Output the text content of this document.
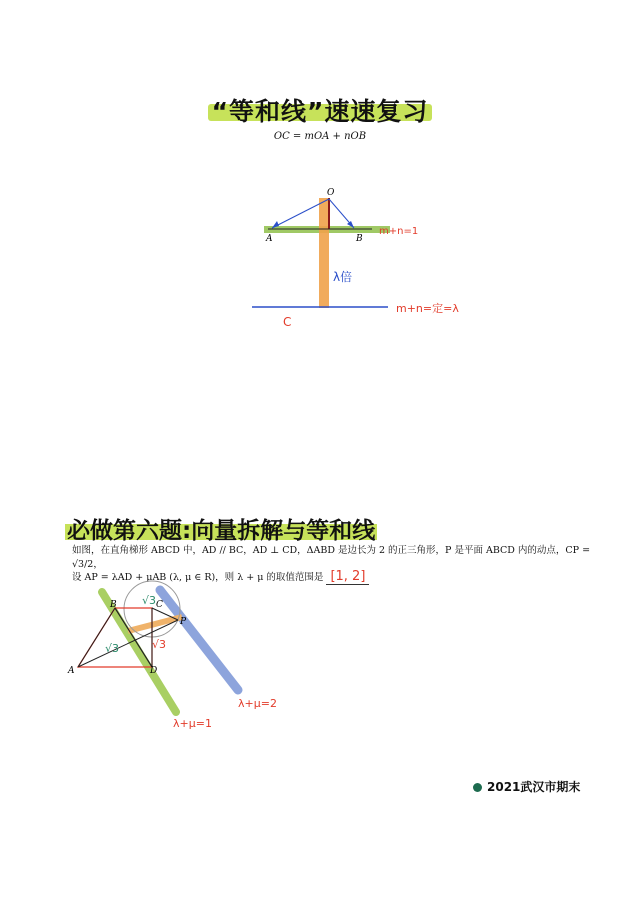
“等和线”速速复习
OC = mOA + nOB
O
A	B
C
m+n=1
λ倍
m+n=定=λ
必做第六题:向量拆解与等和线
如图，在直角梯形 ABCD 中，AD // BC，AD ⊥ CD，ΔABD 是边长为 2 的正三角形，P 是平面 ABCD 内的动点，CP = √3/2，
设 AP = λAD + μAB (λ, μ ∈ R)，则 λ + μ 的取值范围是 [1, 2]
B	C
P
A	D
√3
√3	√3
λ+μ=1
λ+μ=2
2021武汉市期末
